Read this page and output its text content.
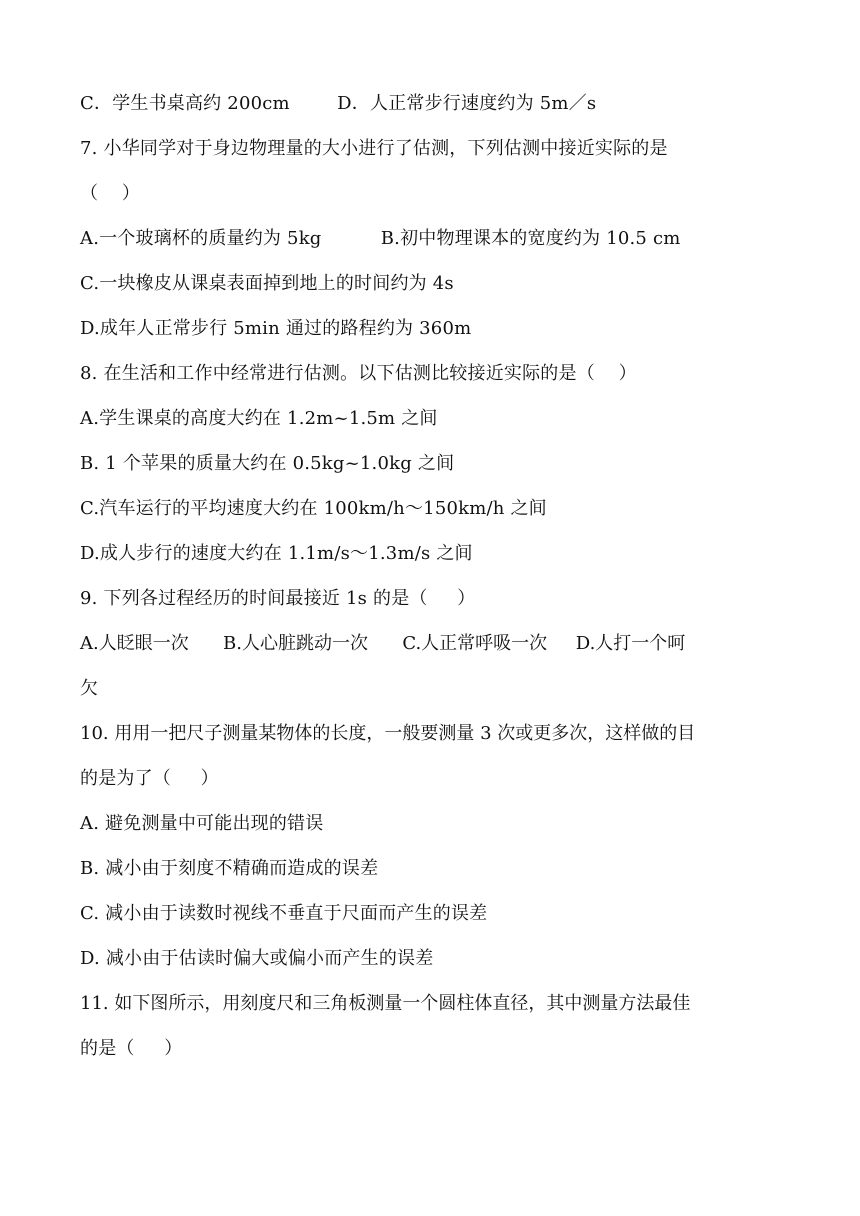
C．学生书桌高约 200cm        D．人正常步行速度约为 5m／s
7. 小华同学对于身边物理量的大小进行了估测，下列估测中接近实际的是
（    ）
A.一个玻璃杯的质量约为 5kg          B.初中物理课本的宽度约为 10.5 cm
C.一块橡皮从课桌表面掉到地上的时间约为 4s
D.成年人正常步行 5min 通过的路程约为 360m
8. 在生活和工作中经常进行估测。以下估测比较接近实际的是（    ）
A.学生课桌的高度大约在 1.2m~1.5m 之间
B. 1 个苹果的质量大约在 0.5kg~1.0kg 之间
C.汽车运行的平均速度大约在 100km/h～150km/h 之间
D.成人步行的速度大约在 1.1m/s～1.3m/s 之间
9. 下列各过程经历的时间最接近 1s 的是（     ）
A.人眨眼一次      B.人心脏跳动一次      C.人正常呼吸一次     D.人打一个呵
欠
10. 用用一把尺子测量某物体的长度，一般要测量 3 次或更多次，这样做的目
的是为了（     ）
A. 避免测量中可能出现的错误
B. 减小由于刻度不精确而造成的误差
C. 减小由于读数时视线不垂直于尺面而产生的误差
D. 减小由于估读时偏大或偏小而产生的误差
11. 如下图所示，用刻度尺和三角板测量一个圆柱体直径，其中测量方法最佳
的是（     ）
